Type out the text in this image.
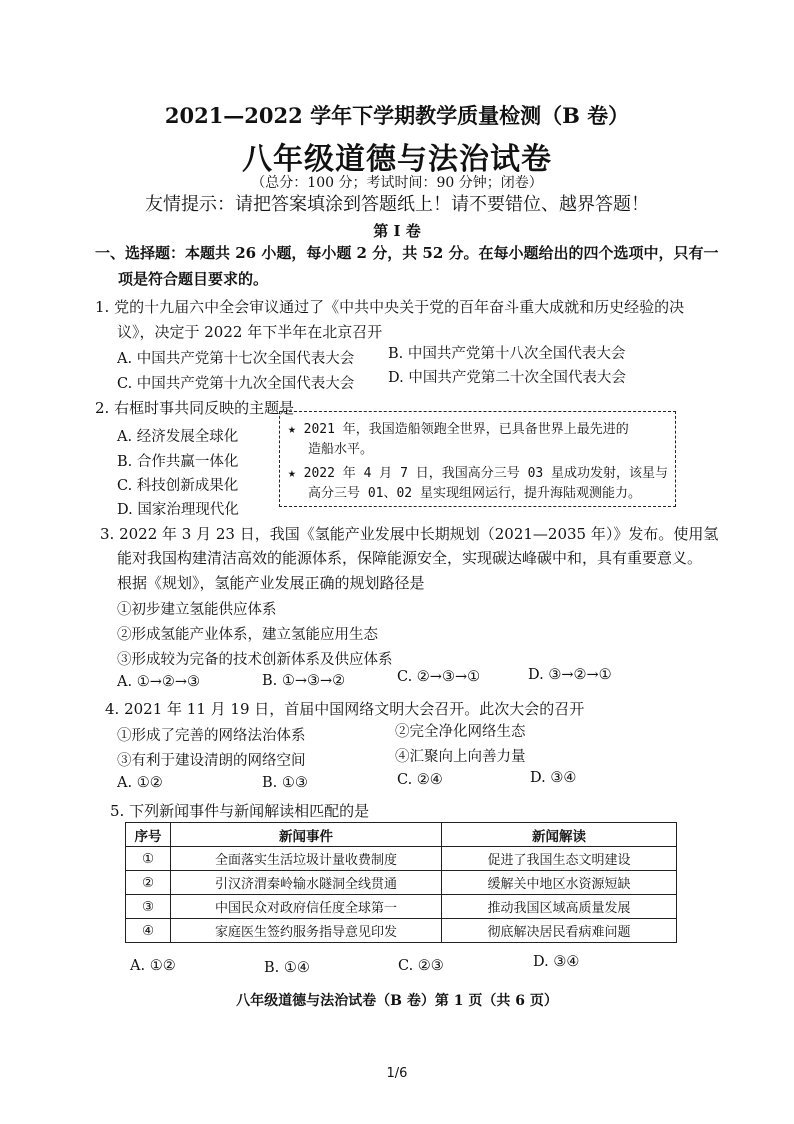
2021—2022 学年下学期教学质量检测（B 卷）
八年级道德与法治试卷
（总分：100 分；考试时间：90 分钟；闭卷）
友情提示：请把答案填涂到答题纸上！请不要错位、越界答题！
第 Ⅰ 卷
一、选择题：本题共 26 小题，每小题 2 分，共 52 分。在每小题给出的四个选项中，只有一
项是符合题目要求的。
1. 党的十九届六中全会审议通过了《中共中央关于党的百年奋斗重大成就和历史经验的决
议》，决定于 2022 年下半年在北京召开
A. 中国共产党第十七次全国代表大会 B. 中国共产党第十八次全国代表大会
C. 中国共产党第十九次全国代表大会 D. 中国共产党第二十次全国代表大会
2. 右框时事共同反映的主题是
A. 经济发展全球化
B. 合作共赢一体化
C. 科技创新成果化
D. 国家治理现代化
★ 2021 年，我国造船领跑全世界，已具备世界上最先进的
造船水平。
★ 2022 年 4 月 7 日，我国高分三号 03 星成功发射，该星与
高分三号 01、02 星实现组网运行，提升海陆观测能力。
3. 2022 年 3 月 23 日，我国《氢能产业发展中长期规划（2021—2035 年）》发布。使用氢
能对我国构建清洁高效的能源体系，保障能源安全，实现碳达峰碳中和，具有重要意义。
根据《规划》，氢能产业发展正确的规划路径是
①初步建立氢能供应体系
②形成氢能产业体系，建立氢能应用生态
③形成较为完备的技术创新体系及供应体系
A. ①→②→③	B. ①→③→②	C. ②→③→①	D. ③→②→①
4. 2021 年 11 月 19 日，首届中国网络文明大会召开。此次大会的召开
①形成了完善的网络法治体系	②完全净化网络生态
③有利于建设清朗的网络空间	④汇聚向上向善力量
A. ①②	B. ①③	C. ②④	D. ③④
5. 下列新闻事件与新闻解读相匹配的是
序号	新闻事件	新闻解读
①	全面落实生活垃圾计量收费制度	促进了我国生态文明建设
②	引汉济渭秦岭输水隧洞全线贯通	缓解关中地区水资源短缺
③	中国民众对政府信任度全球第一	推动我国区域高质量发展
④	家庭医生签约服务指导意见印发	彻底解决居民看病难问题
A. ①②	B. ①④	C. ②③	D. ③④
八年级道德与法治试卷（B 卷）第 1 页（共 6 页）
1/6
